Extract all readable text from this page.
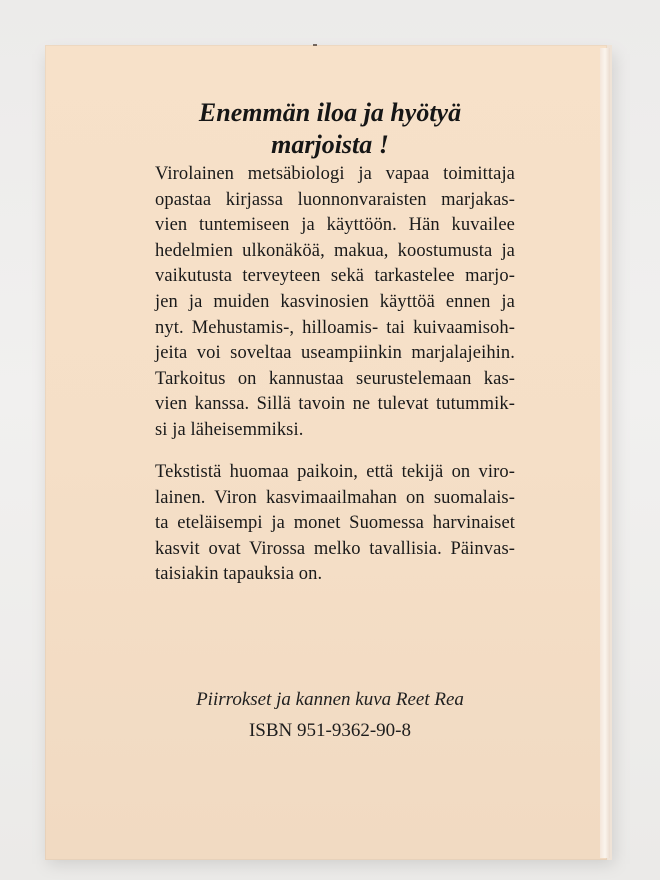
Enemmän iloa ja hyötyä
marjoista !
Virolainen metsäbiologi ja vapaa toimittaja
opastaa kirjassa luonnonvaraisten marjakas-
vien tuntemiseen ja käyttöön. Hän kuvailee
hedelmien ulkonäköä, makua, koostumusta ja
vaikutusta terveyteen sekä tarkastelee marjo-
jen ja muiden kasvinosien käyttöä ennen ja
nyt. Mehustamis-, hilloamis- tai kuivaamisoh-
jeita voi soveltaa useampiinkin marjalajeihin.
Tarkoitus on kannustaa seurustelemaan kas-
vien kanssa. Sillä tavoin ne tulevat tutummik-
si ja läheisemmiksi.
Tekstistä huomaa paikoin, että tekijä on viro-
lainen. Viron kasvimaailmahan on suomalais-
ta eteläisempi ja monet Suomessa harvinaiset
kasvit ovat Virossa melko tavallisia. Päinvas-
taisiakin tapauksia on.
Piirrokset ja kannen kuva Reet Rea
ISBN 951-9362-90-8
